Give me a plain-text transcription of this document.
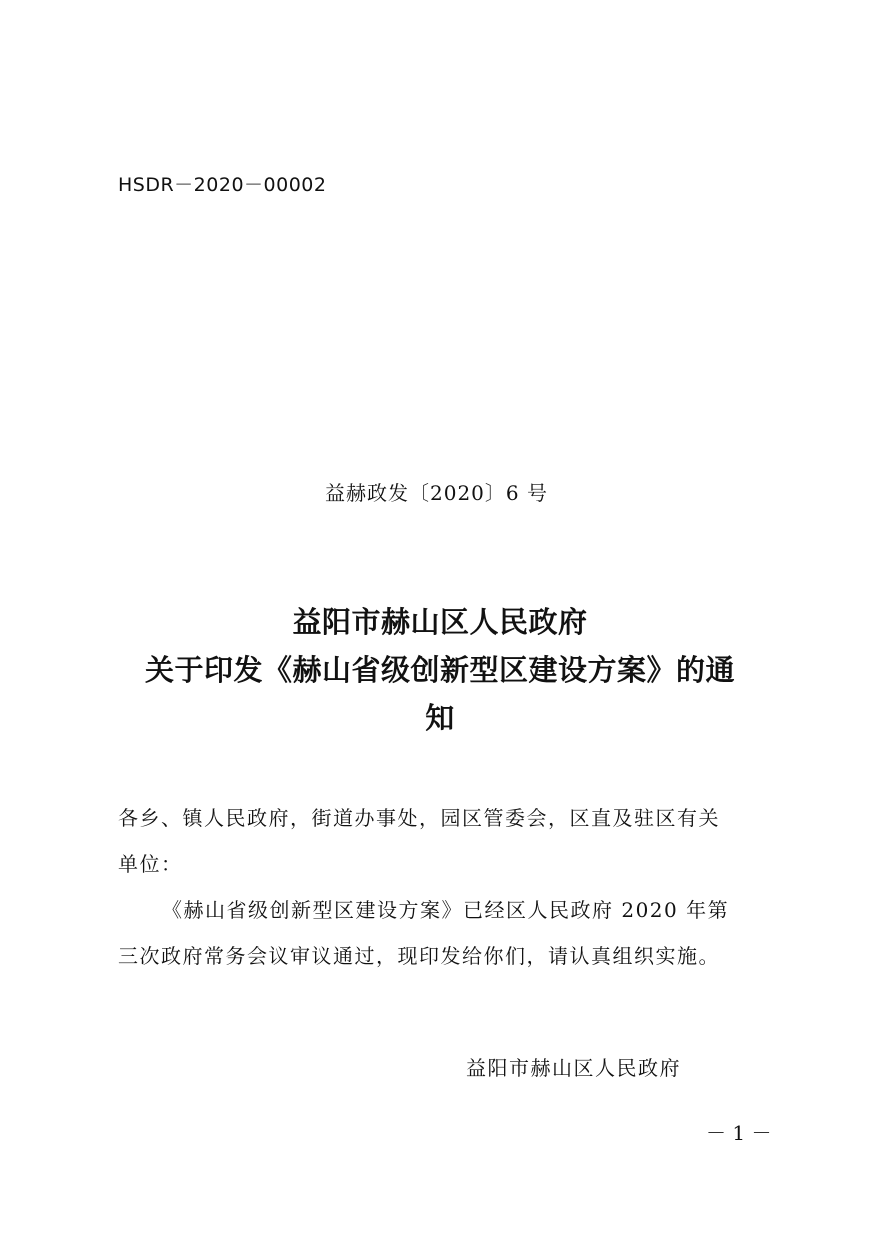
HSDR－2020－00002
益赫政发〔2020〕6 号
益阳市赫山区人民政府
关于印发《赫山省级创新型区建设方案》的通
知

各乡、镇人民政府，街道办事处，园区管委会，区直及驻区有关

单位：

《赫山省级创新型区建设方案》已经区人民政府 2020 年第

三次政府常务会议审议通过，现印发给你们，请认真组织实施。

益阳市赫山区人民政府
－ 1 －
